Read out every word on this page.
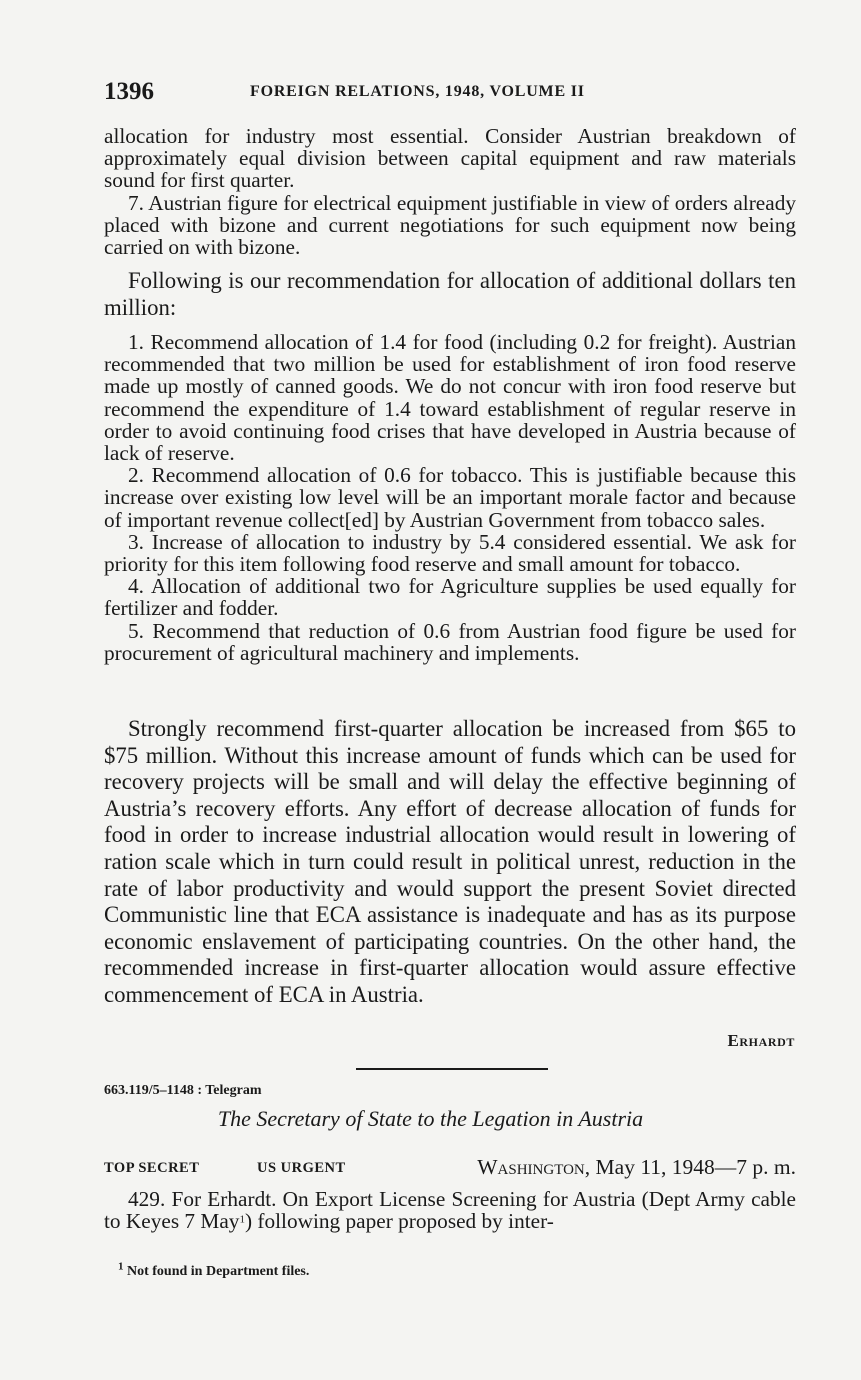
1396	FOREIGN RELATIONS, 1948, VOLUME II

allocation for industry most essential. Consider Austrian breakdown of approximately equal division between capital equipment and raw materials sound for first quarter.

7. Austrian figure for electrical equipment justifiable in view of orders already placed with bizone and current negotiations for such equipment now being carried on with bizone.

Following is our recommendation for allocation of additional dollars ten million:

1. Recommend allocation of 1.4 for food (including 0.2 for freight). Austrian recommended that two million be used for establishment of iron food reserve made up mostly of canned goods. We do not concur with iron food reserve but recommend the expenditure of 1.4 toward establishment of regular reserve in order to avoid continuing food crises that have developed in Austria because of lack of reserve.

2. Recommend allocation of 0.6 for tobacco. This is justifiable because this increase over existing low level will be an important morale factor and because of important revenue collect[ed] by Austrian Government from tobacco sales.

3. Increase of allocation to industry by 5.4 considered essential. We ask for priority for this item following food reserve and small amount for tobacco.

4. Allocation of additional two for Agriculture supplies be used equally for fertilizer and fodder.

5. Recommend that reduction of 0.6 from Austrian food figure be used for procurement of agricultural machinery and implements.

Strongly recommend first-quarter allocation be increased from $65 to $75 million. Without this increase amount of funds which can be used for recovery projects will be small and will delay the effective beginning of Austria’s recovery efforts. Any effort of decrease allocation of funds for food in order to increase industrial allocation would result in lowering of ration scale which in turn could result in political unrest, reduction in the rate of labor productivity and would support the present Soviet directed Communistic line that ECA assistance is inadequate and has as its purpose economic enslavement of participating countries. On the other hand, the recommended increase in first-quarter allocation would assure effective commencement of ECA in Austria.

Erhardt
663.119/5–1148 : Telegram
The Secretary of State to the Legation in Austria
TOP SECRET	US URGENT	Washington, May 11, 1948—7 p. m.

429. For Erhardt. On Export License Screening for Austria (Dept Army cable to Keyes 7 May$^1$) following paper proposed by inter-

$^1$ Not found in Department files.
